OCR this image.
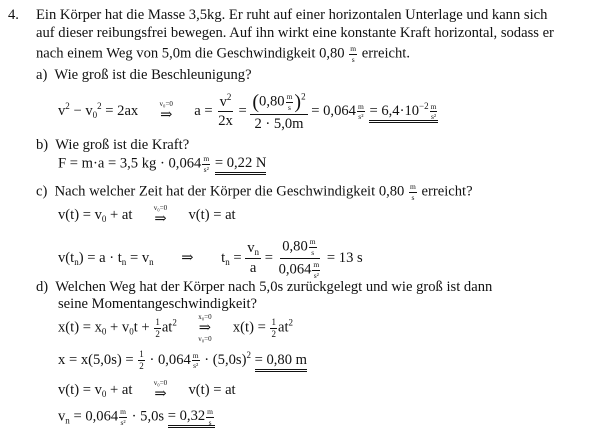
4. Ein Körper hat die Masse 3,5kg. Er ruht auf einer horizontalen Unterlage und kann sich
auf dieser reibungsfrei bewegen. Auf ihn wirkt eine konstante Kraft horizontal, sodass er
nach einem Weg von 5,0m die Geschwindigkeit $0,80 \frac{m}{s}$ erreicht.
a) Wie groß ist die Beschleunigung?
$v^2 - v_0^2 = 2ax$	v₀=0
⇒ $a = \frac{v^2}{2x} = \frac{(0,80 \frac{m}{s} )^2}{2 \cdot 5,0m} = 0,064 \frac{m}{\text{s²}} = 6,4\cdot 10^{-2} \frac{m}{\text{s²}}$
b) Wie groß ist die Kraft?
F = m·a = 3,5 kg · $0,064 \frac{m}{\text{s²}} = 0,22$ N
c) Nach welcher Zeit hat der Körper die Geschwindigkeit $0,80 \frac{m}{s}$ erreicht?
$v(t) = v_0$ + at	v₀=0
⇒ v(t) = at
$v(t_n) = a \cdot t_n = v_n$ ⇒ $t_n = \frac{v_n}{a} = \frac{0,80 \frac{m}{s}}{0,064 \frac{m}{\text{s²}}} = 13$ s
d) Welchen Weg hat der Körper nach 5,0s zurückgelegt und wie groß ist dann
seine Momentangeschwindigkeit?
$x(t) = x_0 + v_0t + \frac{1}{2} at^2$
x₀=0
⇒
v₀=0
$x(t) = \frac{1}{2} at^2$
$x = x(5,0s) = \frac{1}{2} \cdot 0,064 \frac{m}{\text{s²}} \cdot (5,0s)^2 = 0,80$ m
$v(t) = v_0$ + at	v₀=0
⇒ v(t) = at
$v_n = 0,064 \frac{m}{\text{s²}} \cdot 5,0s = 0,32 \frac{m}{s}$
